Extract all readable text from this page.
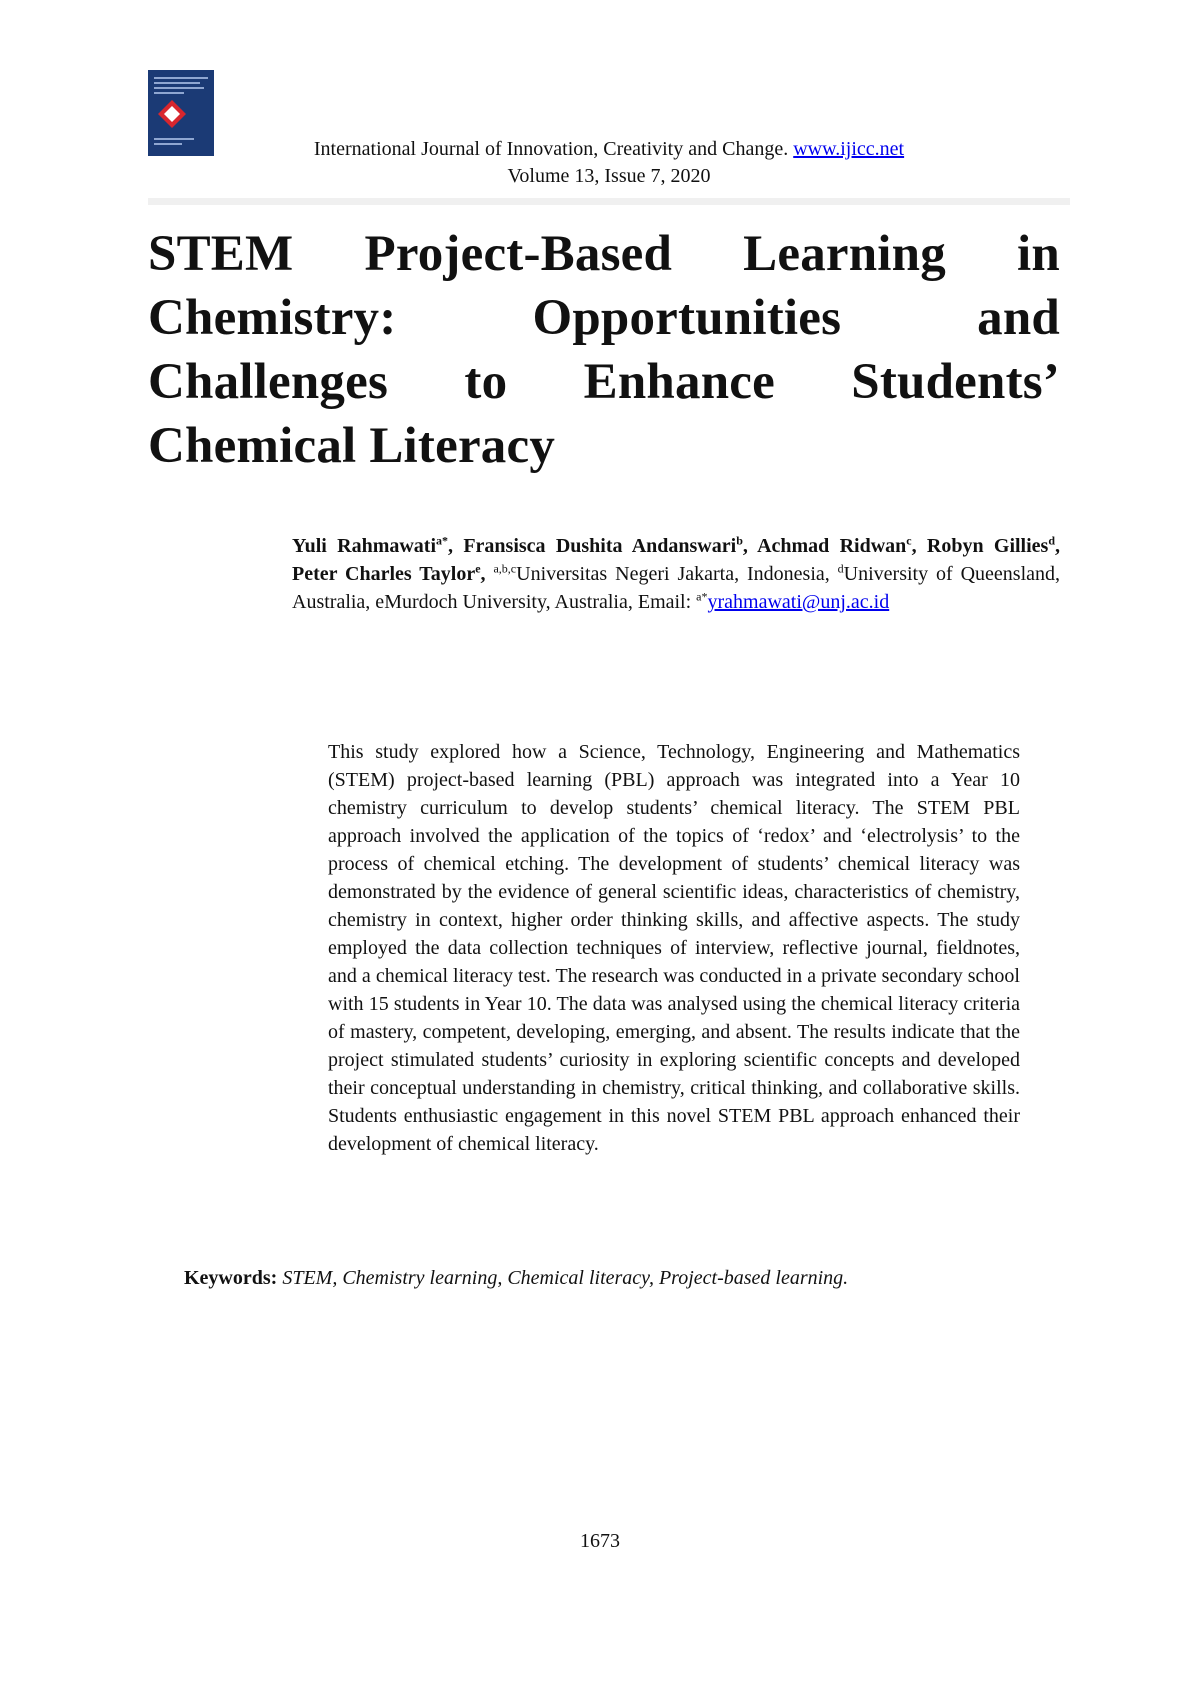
International Journal of Innovation, Creativity and Change. www.ijicc.net
Volume 13, Issue 7, 2020
STEM Project-Based Learning in Chemistry: Opportunities and Challenges to Enhance Students’ Chemical Literacy

Yuli Rahmawati$^{a*}$, Fransisca Dushita Andanswari$^b$, Achmad Ridwan$^c$, Robyn Gillies$^d$, Peter Charles Taylor$^e$, $^{a,b,c}$Universitas Negeri Jakarta, Indonesia, $^d$University of Queensland, Australia, eMurdoch University, Australia, Email: $^{a*}$yrahmawati@unj.ac.id

This study explored how a Science, Technology, Engineering and Mathematics (STEM) project-based learning (PBL) approach was integrated into a Year 10 chemistry curriculum to develop students’ chemical literacy. The STEM PBL approach involved the application of the topics of ‘redox’ and ‘electrolysis’ to the process of chemical etching. The development of students’ chemical literacy was demonstrated by the evidence of general scientific ideas, characteristics of chemistry, chemistry in context, higher order thinking skills, and affective aspects. The study employed the data collection techniques of interview, reflective journal, fieldnotes, and a chemical literacy test. The research was conducted in a private secondary school with 15 students in Year 10. The data was analysed using the chemical literacy criteria of mastery, competent, developing, emerging, and absent. The results indicate that the project stimulated students’ curiosity in exploring scientific concepts and developed their conceptual understanding in chemistry, critical thinking, and collaborative skills. Students enthusiastic engagement in this novel STEM PBL approach enhanced their development of chemical literacy.

Keywords: STEM, Chemistry learning, Chemical literacy, Project-based learning.

1673
